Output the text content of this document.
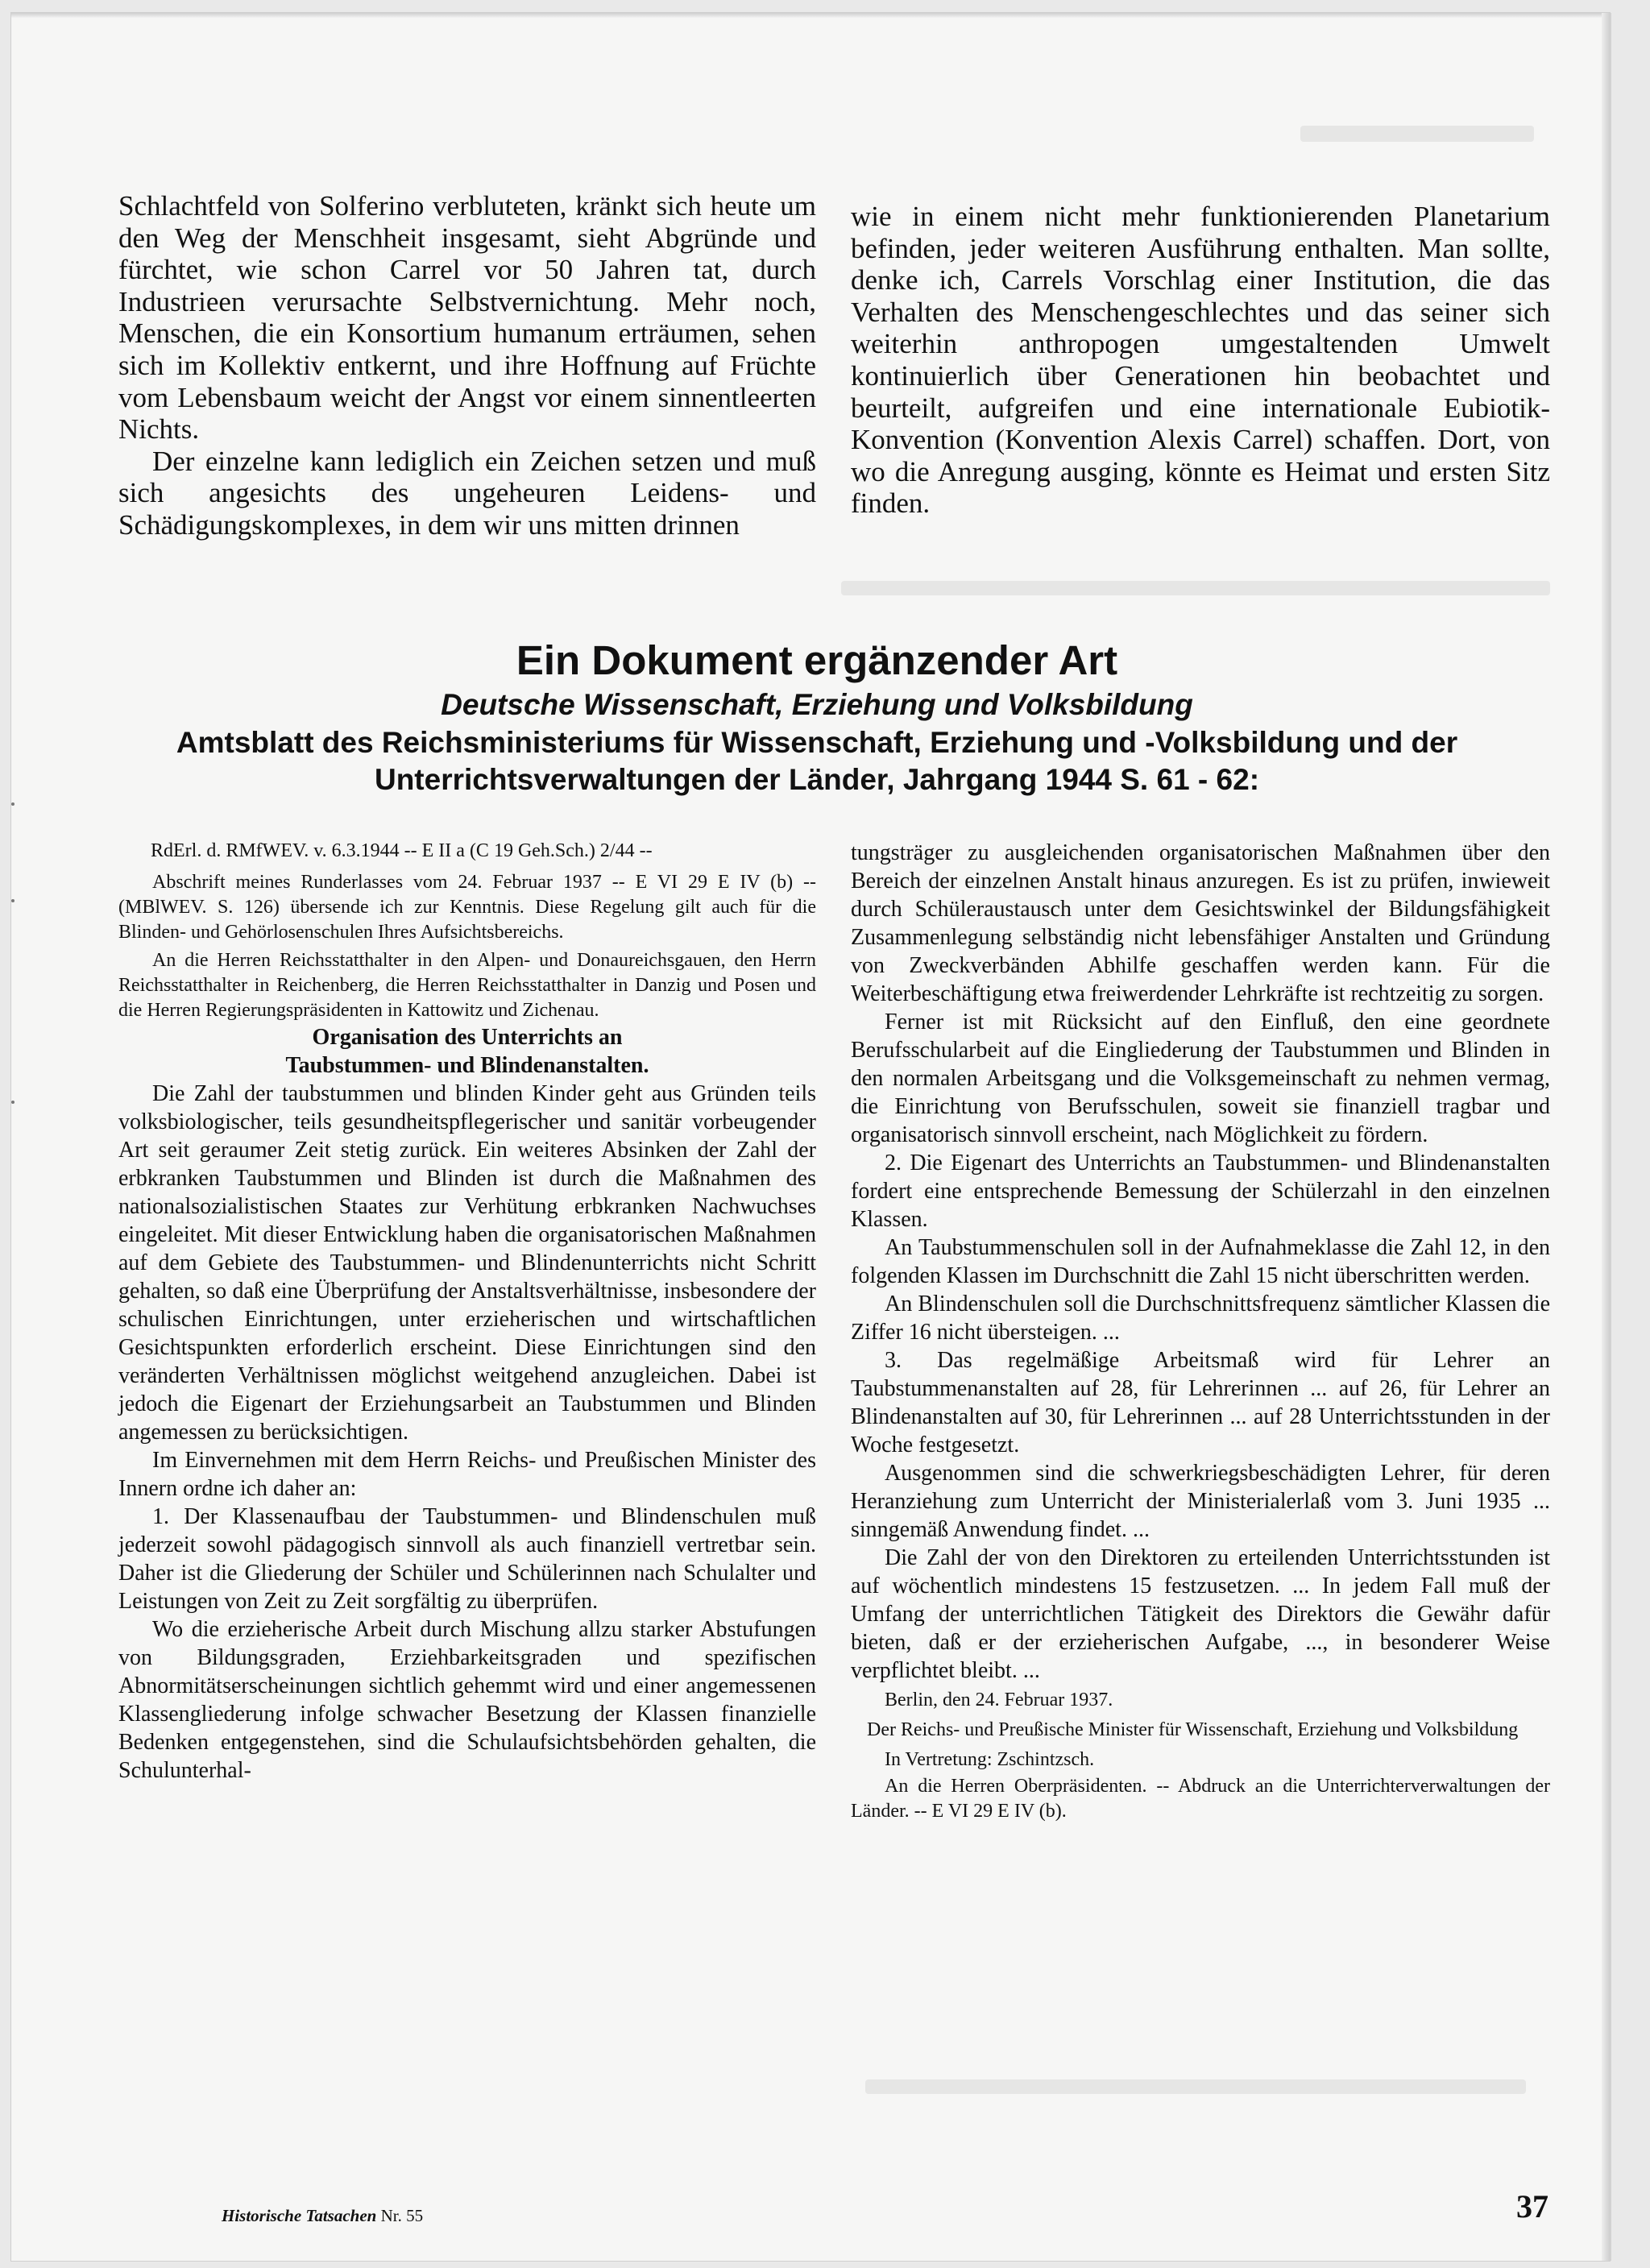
Schlachtfeld von Solferino verbluteten, kränkt sich heute um den Weg der Menschheit insgesamt, sieht Abgründe und fürchtet, wie schon Carrel vor 50 Jahren tat, durch Industrieen verursachte Selbstvernichtung. Mehr noch, Menschen, die ein Konsortium humanum erträumen, sehen sich im Kollektiv entkernt, und ihre Hoffnung auf Früchte vom Lebensbaum weicht der Angst vor einem sinnentleerten Nichts.

Der einzelne kann lediglich ein Zeichen setzen und muß sich angesichts des ungeheuren Leidens- und Schädigungskomplexes, in dem wir uns mitten drinnen

wie in einem nicht mehr funktionierenden Planetarium befinden, jeder weiteren Ausführung enthalten. Man sollte, denke ich, Carrels Vorschlag einer Institution, die das Verhalten des Menschengeschlechtes und das seiner sich weiterhin anthropogen umgestaltenden Umwelt kontinuierlich über Generationen hin beobachtet und beurteilt, aufgreifen und eine internationale Eubiotik-Konvention (Konvention Alexis Carrel) schaffen. Dort, von wo die Anregung ausging, könnte es Heimat und ersten Sitz finden.

Ein Dokument ergänzender Art

Deutsche Wissenschaft, Erziehung und Volksbildung

Amtsblatt des Reichsministeriums für Wissenschaft, Erziehung und -Volksbildung und der

Unterrichtsverwaltungen der Länder, Jahrgang 1944 S. 61 - 62:

RdErl. d. RMfWEV. v. 6.3.1944 -- E II a (C 19 Geh.Sch.) 2/44 --

Abschrift meines Runderlasses vom 24. Februar 1937 -- E VI 29 E IV (b) -- (MBlWEV. S. 126) übersende ich zur Kenntnis. Diese Regelung gilt auch für die Blinden- und Gehörlosenschulen Ihres Aufsichtsbereichs.

An die Herren Reichsstatthalter in den Alpen- und Donaureichsgauen, den Herrn Reichsstatthalter in Reichenberg, die Herren Reichsstatthalter in Danzig und Posen und die Herren Regierungspräsidenten in Kattowitz und Zichenau.

Organisation des Unterrichts an

Taubstummen- und Blindenanstalten.

Die Zahl der taubstummen und blinden Kinder geht aus Gründen teils volksbiologischer, teils gesundheitspflegerischer und sanitär vorbeugender Art seit geraumer Zeit stetig zurück. Ein weiteres Absinken der Zahl der erbkranken Taubstummen und Blinden ist durch die Maßnahmen des nationalsozialistischen Staates zur Verhütung erbkranken Nachwuchses eingeleitet. Mit dieser Entwicklung haben die organisatorischen Maßnahmen auf dem Gebiete des Taubstummen- und Blindenunterrichts nicht Schritt gehalten, so daß eine Überprüfung der Anstaltsverhältnisse, insbesondere der schulischen Einrichtungen, unter erzieherischen und wirtschaftlichen Gesichtspunkten erforderlich erscheint. Diese Einrichtungen sind den veränderten Verhältnissen möglichst weitgehend anzugleichen. Dabei ist jedoch die Eigenart der Erziehungsarbeit an Taubstummen und Blinden angemessen zu berücksichtigen.

Im Einvernehmen mit dem Herrn Reichs- und Preußischen Minister des Innern ordne ich daher an:

1. Der Klassenaufbau der Taubstummen- und Blindenschulen muß jederzeit sowohl pädagogisch sinnvoll als auch finanziell vertretbar sein. Daher ist die Gliederung der Schüler und Schülerinnen nach Schulalter und Leistungen von Zeit zu Zeit sorgfältig zu überprüfen.

Wo die erzieherische Arbeit durch Mischung allzu starker Abstufungen von Bildungsgraden, Erziehbarkeitsgraden und spezifischen Abnormitätserscheinungen sichtlich gehemmt wird und einer angemessenen Klassengliederung infolge schwacher Besetzung der Klassen finanzielle Bedenken entgegenstehen, sind die Schulaufsichtsbehörden gehalten, die Schulunterhal-

tungsträger zu ausgleichenden organisatorischen Maßnahmen über den Bereich der einzelnen Anstalt hinaus anzuregen. Es ist zu prüfen, inwieweit durch Schüleraustausch unter dem Gesichtswinkel der Bildungsfähigkeit Zusammenlegung selbständig nicht lebensfähiger Anstalten und Gründung von Zweckverbänden Abhilfe geschaffen werden kann. Für die Weiterbeschäftigung etwa freiwerdender Lehrkräfte ist rechtzeitig zu sorgen.

Ferner ist mit Rücksicht auf den Einfluß, den eine geordnete Berufsschularbeit auf die Eingliederung der Taubstummen und Blinden in den normalen Arbeitsgang und die Volksgemeinschaft zu nehmen vermag, die Einrichtung von Berufsschulen, soweit sie finanziell tragbar und organisatorisch sinnvoll erscheint, nach Möglichkeit zu fördern.

2. Die Eigenart des Unterrichts an Taubstummen- und Blindenanstalten fordert eine entsprechende Bemessung der Schülerzahl in den einzelnen Klassen.

An Taubstummenschulen soll in der Aufnahmeklasse die Zahl 12, in den folgenden Klassen im Durchschnitt die Zahl 15 nicht überschritten werden.

An Blindenschulen soll die Durchschnittsfrequenz sämtlicher Klassen die Ziffer 16 nicht übersteigen. ...

3. Das regelmäßige Arbeitsmaß wird für Lehrer an Taubstummenanstalten auf 28, für Lehrerinnen ... auf 26, für Lehrer an Blindenanstalten auf 30, für Lehrerinnen ... auf 28 Unterrichtsstunden in der Woche festgesetzt.

Ausgenommen sind die schwerkriegsbeschädigten Lehrer, für deren Heranziehung zum Unterricht der Ministerialerlaß vom 3. Juni 1935 ... sinngemäß Anwendung findet. ...

Die Zahl der von den Direktoren zu erteilenden Unterrichtsstunden ist auf wöchentlich mindestens 15 festzusetzen. ... In jedem Fall muß der Umfang der unterrichtlichen Tätigkeit des Direktors die Gewähr dafür bieten, daß er der erzieherischen Aufgabe, ..., in besonderer Weise verpflichtet bleibt. ...

Berlin, den 24. Februar 1937.

Der Reichs- und Preußische Minister für Wissenschaft, Erziehung und Volksbildung

In Vertretung: Zschintzsch.

An die Herren Oberpräsidenten. -- Abdruck an die Unterrichterverwaltungen der Länder. -- E VI 29 E IV (b).

Historische Tatsachen Nr. 55	37
